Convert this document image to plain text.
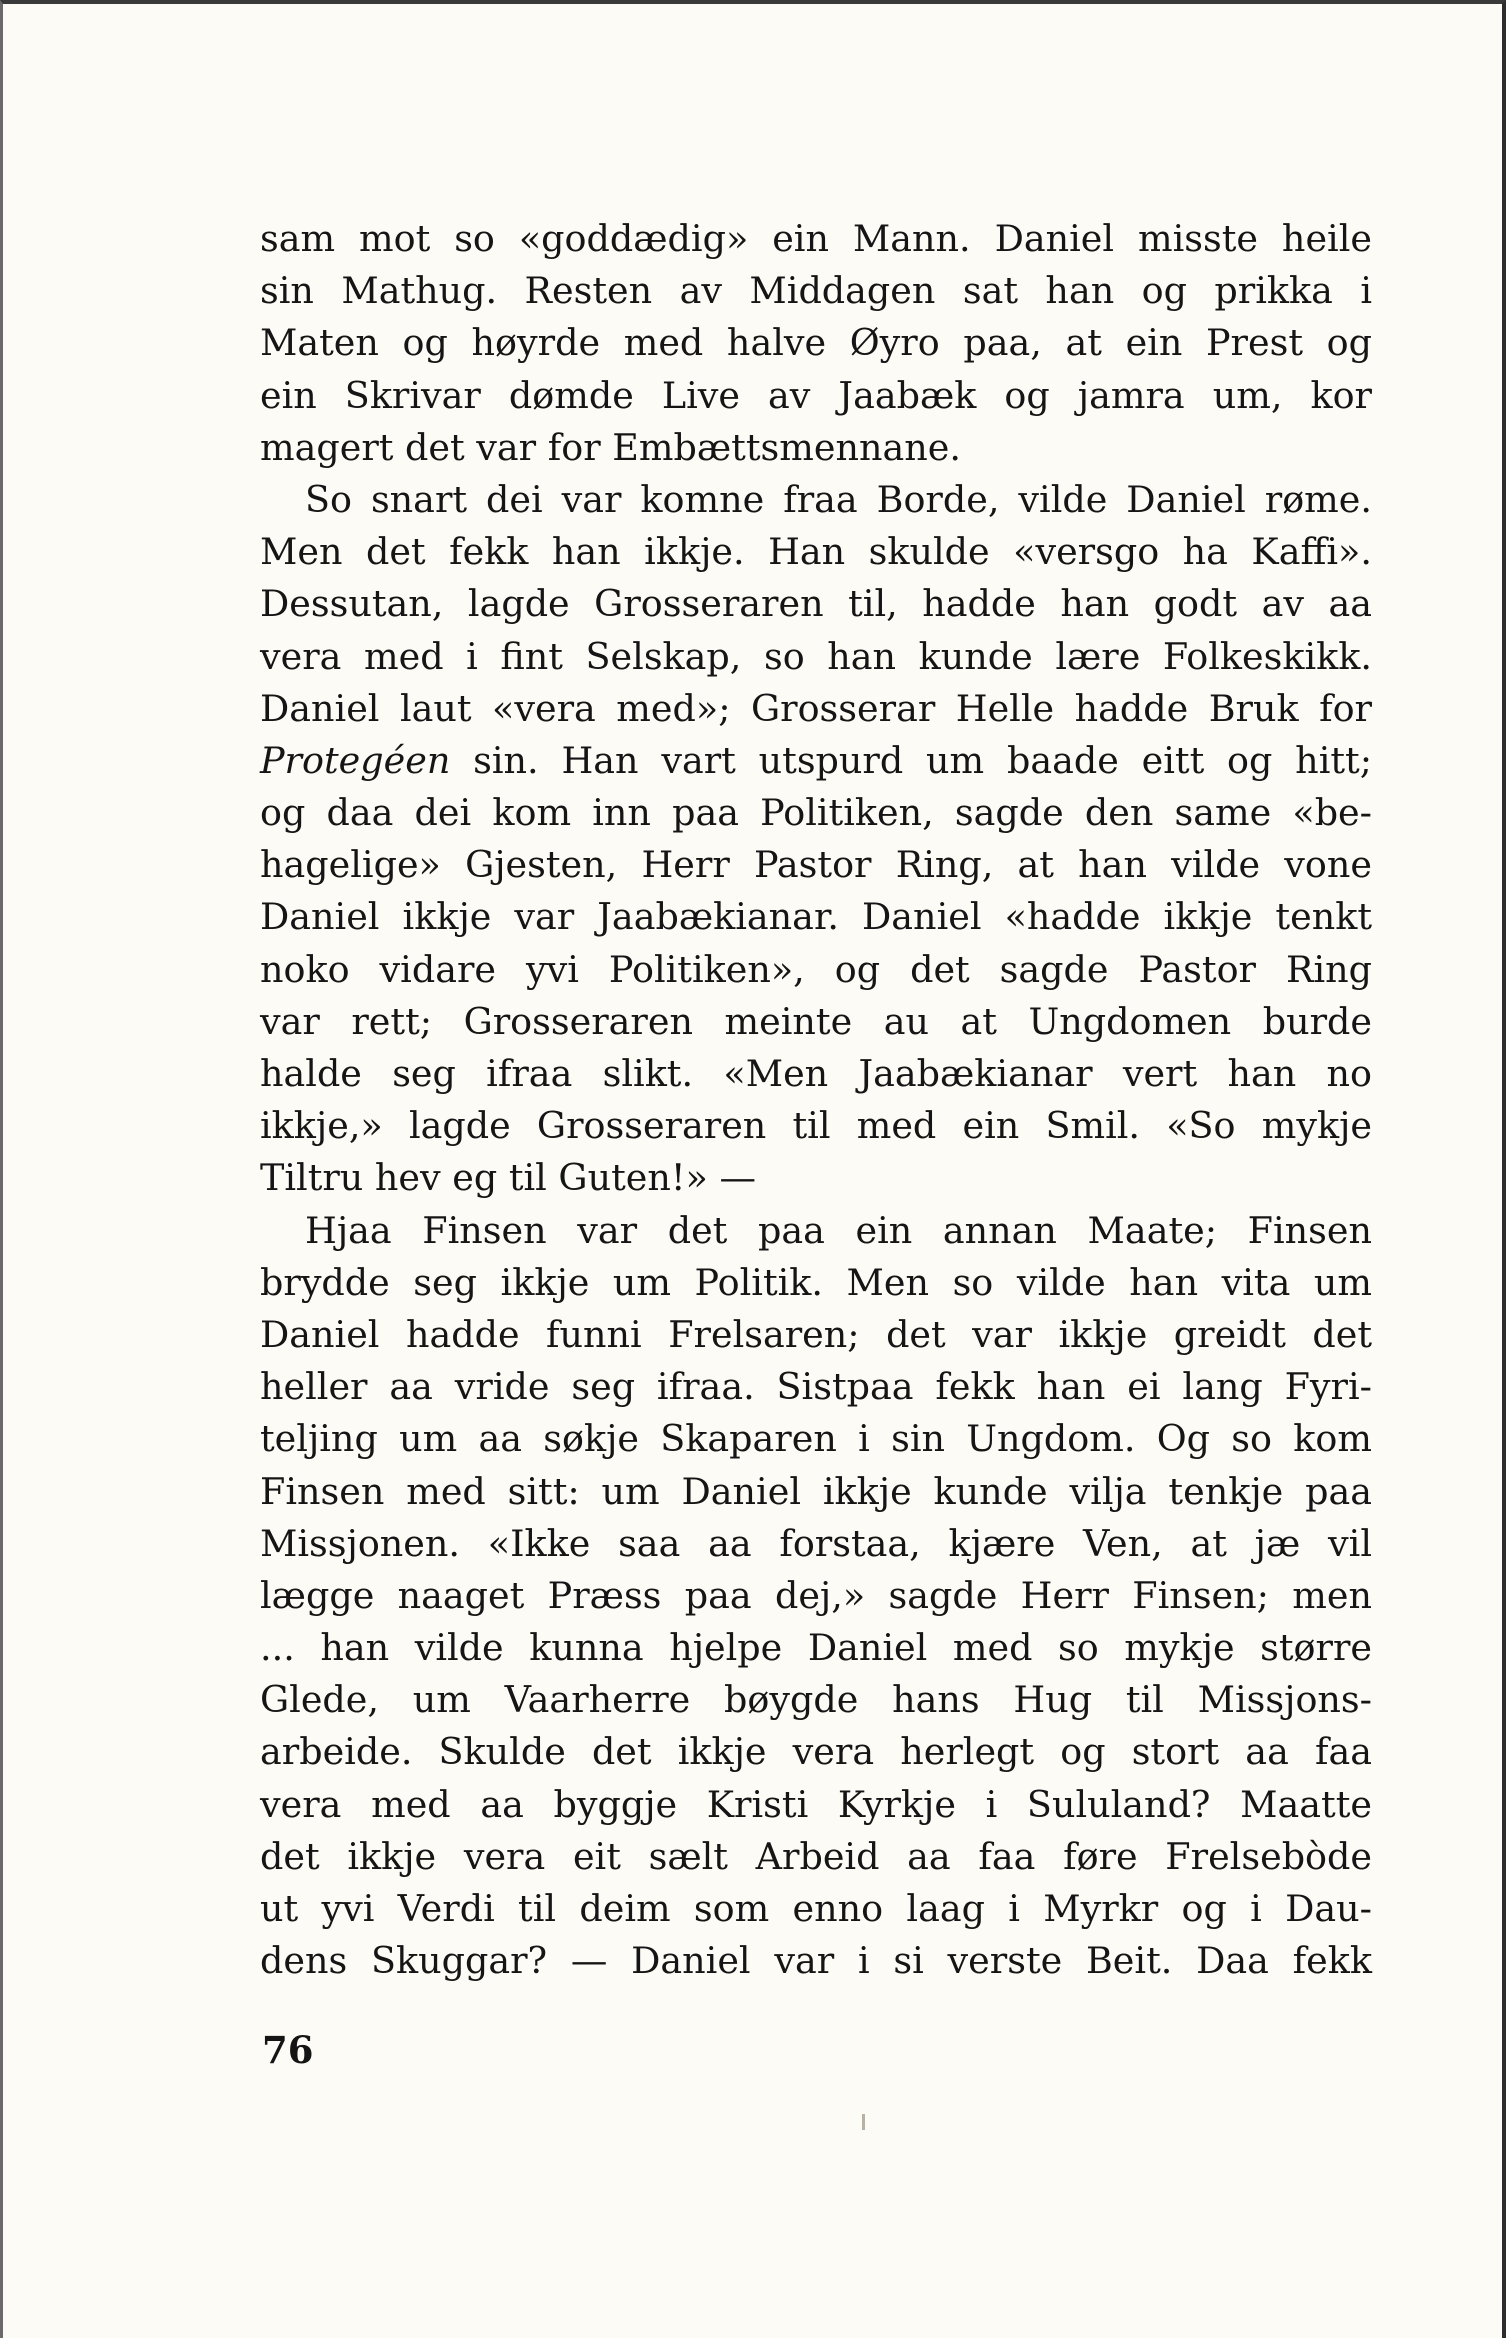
sam mot so «goddædig» ein Mann. Daniel misste heile
sin Mathug. Resten av Middagen sat han og prikka i
Maten og høyrde med halve Øyro paa, at ein Prest og
ein Skrivar dømde Live av Jaabæk og jamra um, kor
magert det var for Embættsmennane.
So snart dei var komne fraa Borde, vilde Daniel røme.
Men det fekk han ikkje. Han skulde «versgo ha Kaffi».
Dessutan, lagde Grosseraren til, hadde han godt av aa
vera med i fint Selskap, so han kunde lære Folkeskikk.
Daniel laut «vera med»; Grosserar Helle hadde Bruk for
Protegéen sin. Han vart utspurd um baade eitt og hitt;
og daa dei kom inn paa Politiken, sagde den same «be-
hagelige» Gjesten, Herr Pastor Ring, at han vilde vone
Daniel ikkje var Jaabækianar. Daniel «hadde ikkje tenkt
noko vidare yvi Politiken», og det sagde Pastor Ring
var rett; Grosseraren meinte au at Ungdomen burde
halde seg ifraa slikt. «Men Jaabækianar vert han no
ikkje,» lagde Grosseraren til med ein Smil. «So mykje
Tiltru hev eg til Guten!» —
Hjaa Finsen var det paa ein annan Maate; Finsen
brydde seg ikkje um Politik. Men so vilde han vita um
Daniel hadde funni Frelsaren; det var ikkje greidt det
heller aa vride seg ifraa. Sistpaa fekk han ei lang Fyri-
teljing um aa søkje Skaparen i sin Ungdom. Og so kom
Finsen med sitt: um Daniel ikkje kunde vilja tenkje paa
Missjonen. «Ikke saa aa forstaa, kjære Ven, at jæ vil
lægge naaget Præss paa dej,» sagde Herr Finsen; men
... han vilde kunna hjelpe Daniel med so mykje større
Glede, um Vaarherre bøygde hans Hug til Missjons-
arbeide. Skulde det ikkje vera herlegt og stort aa faa
vera med aa byggje Kristi Kyrkje i Sululand? Maatte
det ikkje vera eit sælt Arbeid aa faa føre Frelsebòde
ut yvi Verdi til deim som enno laag i Myrkr og i Dau-
dens Skuggar? — Daniel var i si verste Beit. Daa fekk
76
